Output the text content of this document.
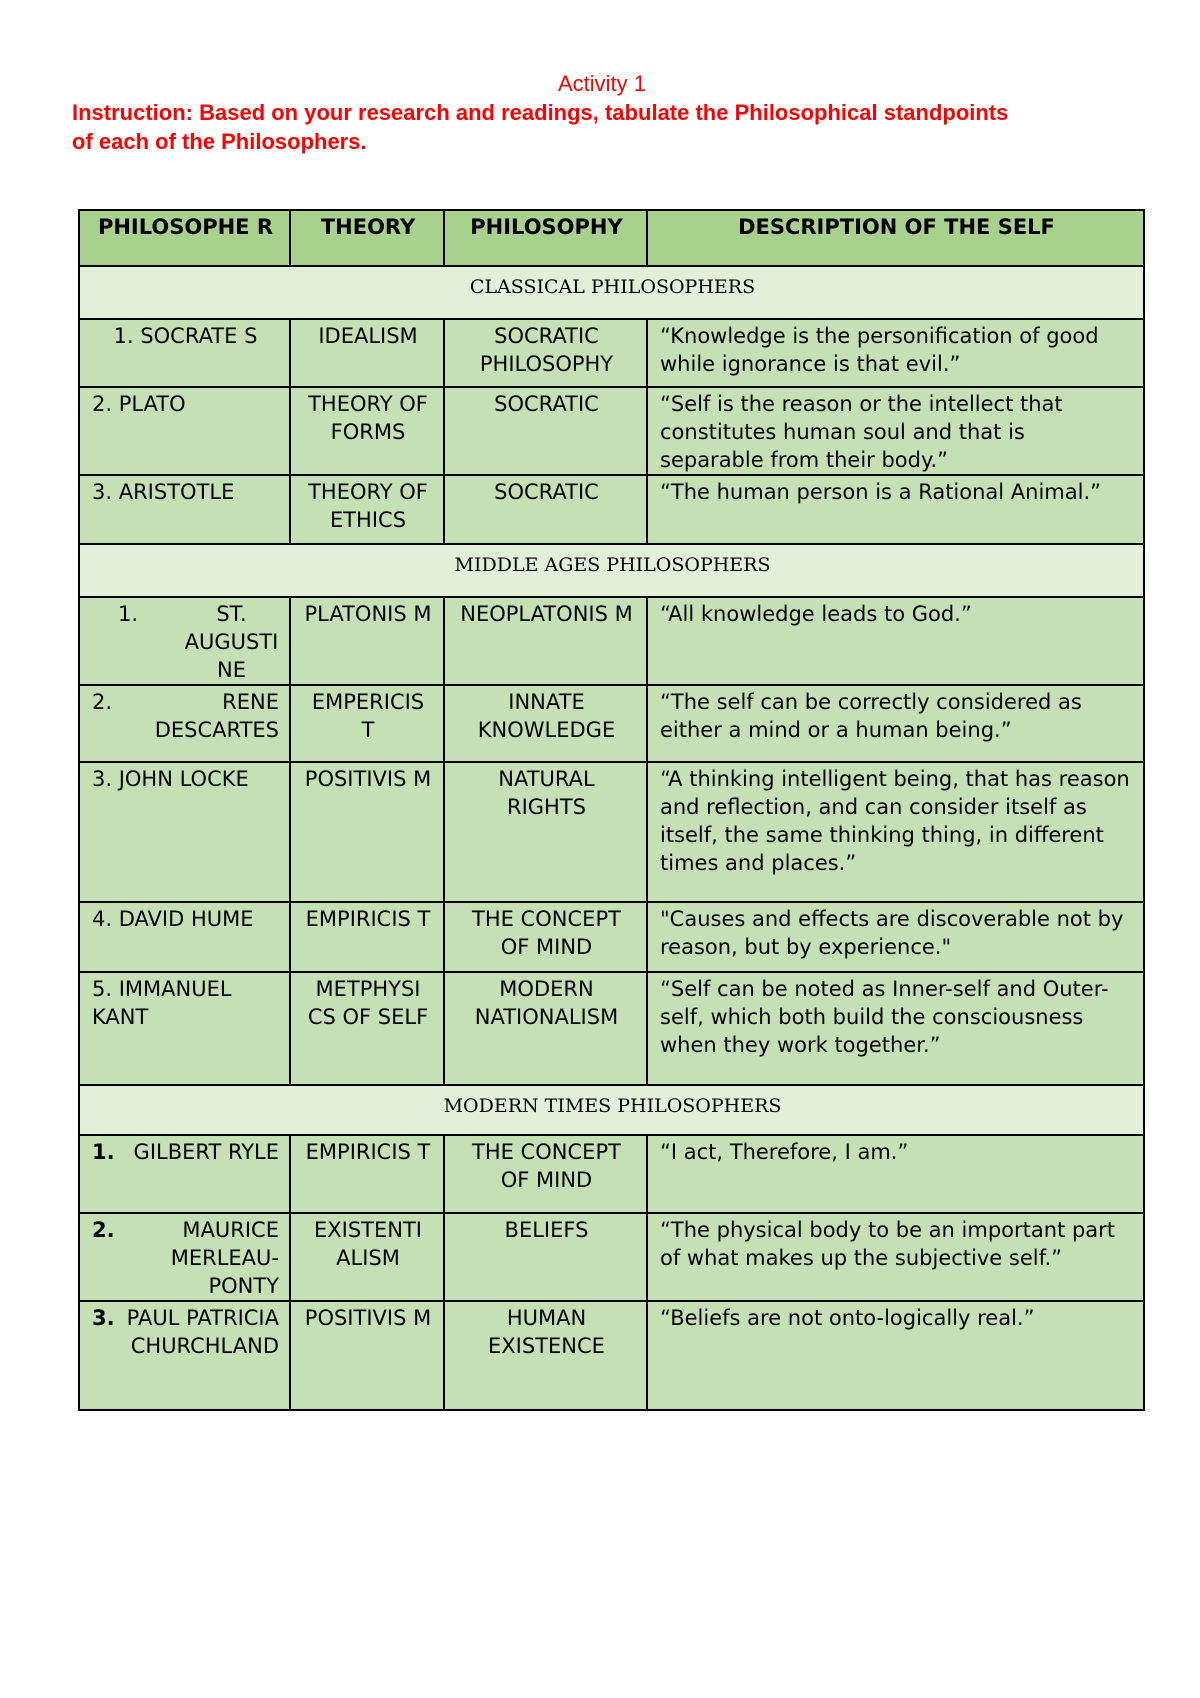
Activity 1
Instruction: Based on your research and readings, tabulate the Philosophical standpoints
of each of the Philosophers.
PHILOSOPHE R	THEORY	PHILOSOPHY	DESCRIPTION OF THE SELF
CLASSICAL PHILOSOPHERS			
1. SOCRATE S	IDEALISM	SOCRATIC PHILOSOPHY	“Knowledge is the personification of good while ignorance is that evil.”
2. PLATO	THEORY OF FORMS	SOCRATIC	“Self is the reason or the intellect that constitutes human soul and that is separable from their body.”
3. ARISTOTLE	THEORY OF ETHICS	SOCRATIC	“The human person is a Rational Animal.”
MIDDLE AGES PHILOSOPHERS			

1. ST. AUGUSTI NE	PLATONIS M	NEOPLATONIS M	“All knowledge leads to God.”

2. RENE DESCARTES	EMPERICIS T	INNATE KNOWLEDGE	“The self can be correctly considered as either a mind or a human being.”
3. JOHN LOCKE	POSITIVIS M	NATURAL RIGHTS	“A thinking intelligent being, that has reason and reflection, and can consider itself as itself, the same thinking thing, in different times and places.”
4. DAVID HUME	EMPIRICIS T	THE CONCEPT OF MIND	"Causes and effects are discoverable not by reason, but by experience."
5. IMMANUEL KANT	METPHYSI CS OF SELF	MODERN NATIONALISM	“Self can be noted as Inner-self and Outer-self, which both build the consciousness when they work together.”
MODERN TIMES PHILOSOPHERS			

1. GILBERT RYLE	EMPIRICIS T	THE CONCEPT OF MIND	“I act, Therefore, I am.”

2. MAURICE MERLEAU-PONTY	EXISTENTI ALISM	BELIEFS	“The physical body to be an important part of what makes up the subjective self.”

3. PAUL PATRICIA CHURCHLAND	POSITIVIS M	HUMAN EXISTENCE	“Beliefs are not onto-logically real.”
